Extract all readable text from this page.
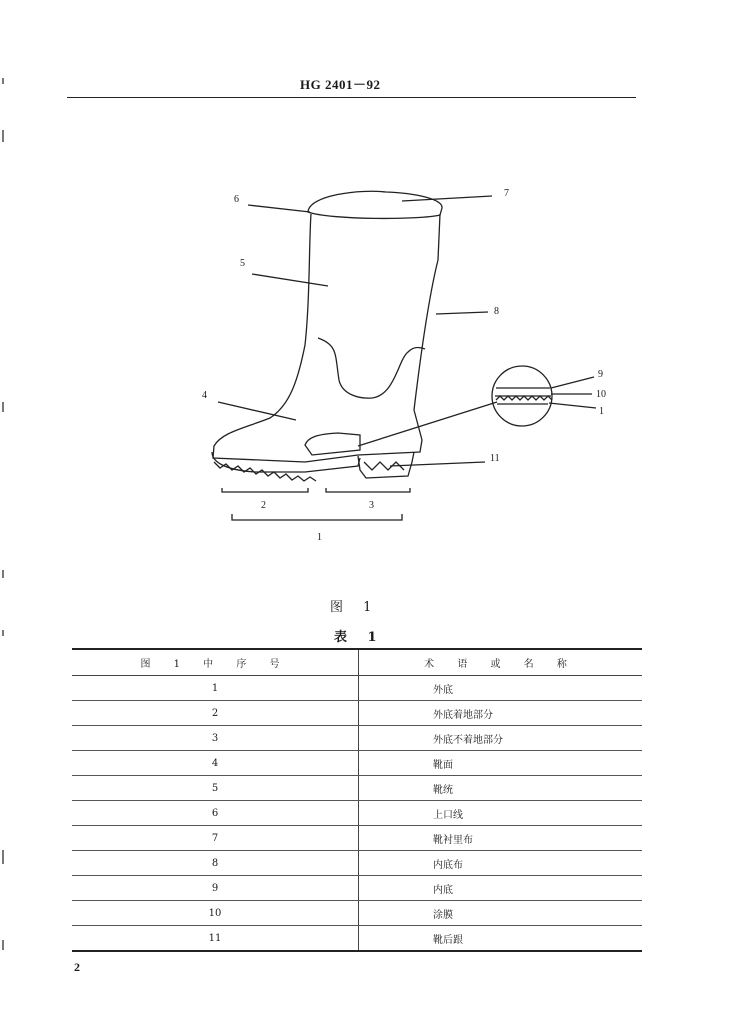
HG 2401－92
6
7
5
8
4
9
10
1
11
2	3
1
图 1
表 1
图 1 中 序 号	术 语 或 名 称
1	外底
2	外底着地部分
3	外底不着地部分
4	靴面
5	靴统
6	上口线
7	靴衬里布
8	内底布
9	内底
10	涂膜
11	靴后跟
2
